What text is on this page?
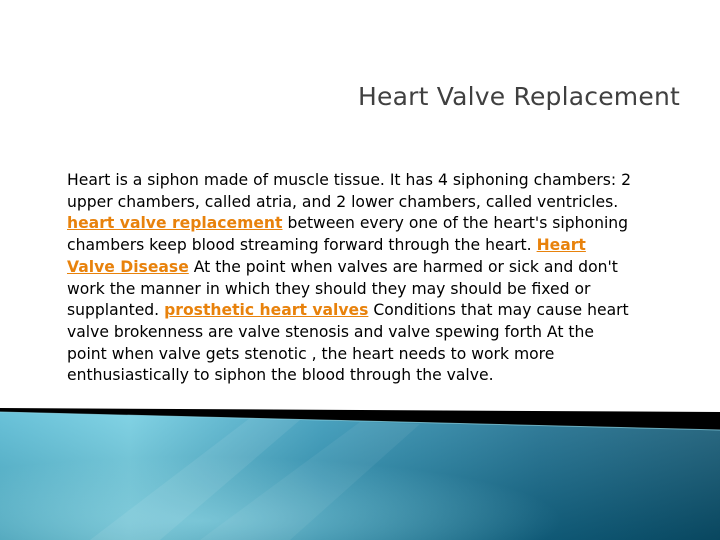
Heart Valve Replacement

Heart is a siphon made of muscle tissue. It has 4 siphoning chambers: 2 upper chambers, called atria, and 2 lower chambers, called ventricles. heart valve replacement between every one of the heart's siphoning chambers keep blood streaming forward through the heart. Heart Valve Disease At the point when valves are harmed or sick and don't work the manner in which they should they may should be fixed or supplanted. prosthetic heart valves Conditions that may cause heart valve brokenness are valve stenosis and valve spewing forth At the point when valve gets stenotic , the heart needs to work more enthusiastically to siphon the blood through the valve.
